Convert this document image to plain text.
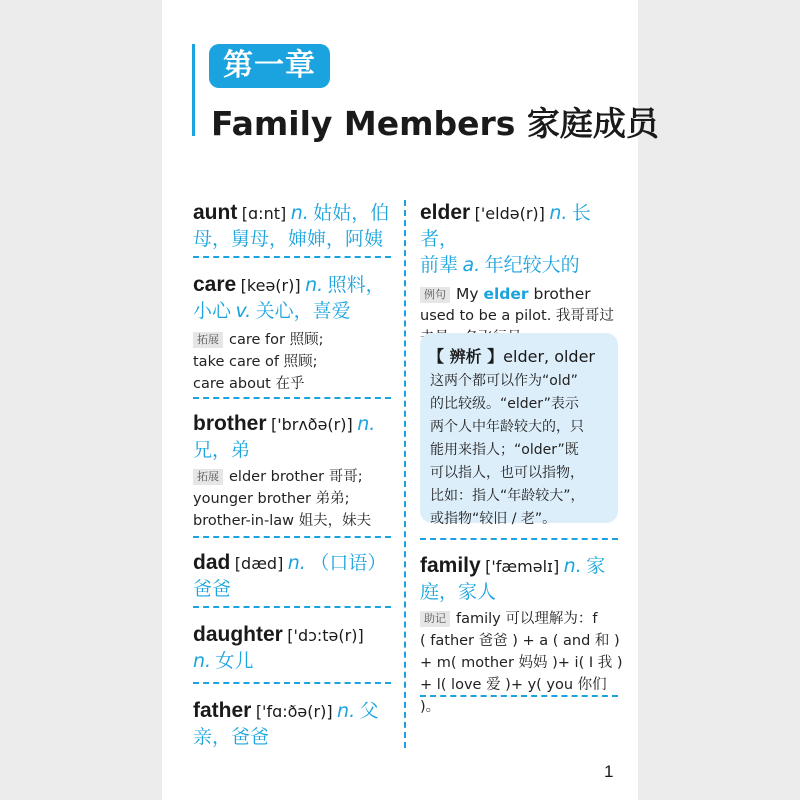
第一章
Family Members 家庭成员
aunt [ɑ:nt] n. 姑姑，伯
母，舅母，婶婶，阿姨
care [keə(r)] n. 照料，
小心 v. 关心，喜爱
拓展 care for 照顾;
take care of 照顾;
care about 在乎
brother ['brʌðə(r)] n.
兄，弟
拓展 elder brother 哥哥;
younger brother 弟弟;
brother-in-law 姐夫，妹夫
dad [dæd] n. （口语）
爸爸
daughter ['dɔ:tə(r)]
n. 女儿
father ['fɑ:ðə(r)] n. 父
亲，爸爸
elder ['eldə(r)] n. 长者，
前辈 a. 年纪较大的
例句 My elder brother
used to be a pilot. 我哥哥过
【 辨析 】elder, older
这两个都可以作为“old”
的比较级。“elder”表示
两个人中年龄较大的，只
能用来指人；“older”既
可以指人，也可以指物，
比如：指人“年龄较大”，
或指物“较旧 / 老”。
family ['fæməlɪ] n. 家
庭，家人
助记 family 可以理解为：f
( father 爸爸 ) + a ( and 和 )
+ m( mother 妈妈 )+ i( I 我 )
+ l( love 爱 )+ y( you 你们 )。
1
